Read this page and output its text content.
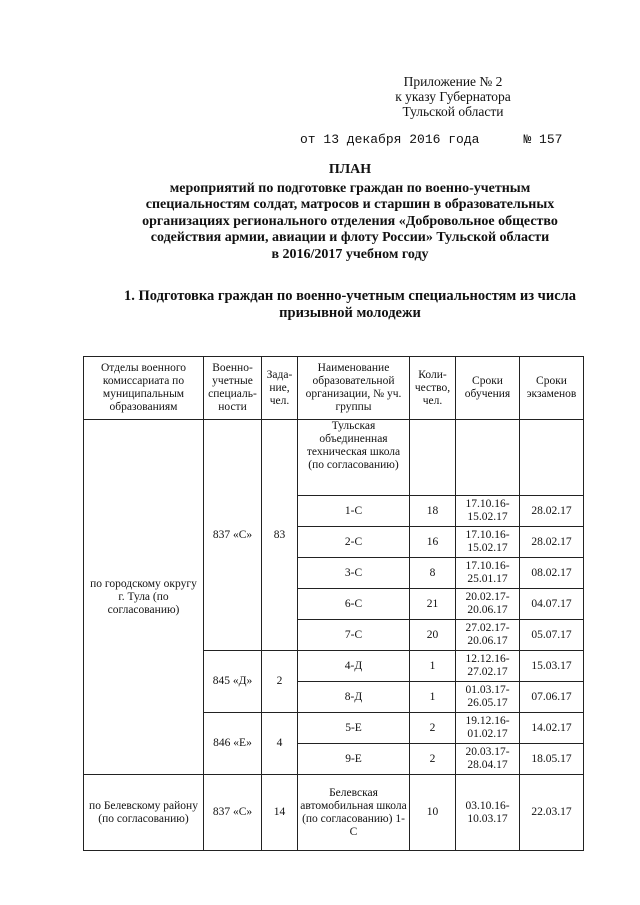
Приложение № 2
к указу Губернатора
Тульской области
от 13 декабря 2016 года	№ 157
ПЛАН
мероприятий по подготовке граждан по военно-учетным
специальностям солдат, матросов и старшин в образовательных
организациях регионального отделения «Добровольное общество
содействия армии, авиации и флоту России» Тульской области
в 2016/2017 учебном году
1. Подготовка граждан по военно-учетным специальностям из числа
призывной молодежи
Отделы военного комиссариата по муниципальным образованиям	Военно-учетные специаль-ности	Зада-ние, чел.	Наименование образовательной организации, № уч. группы	Коли-чество, чел.	Сроки обучения	Сроки экзаменов
по городскому округу г. Тула (по согласованию)	837 «С»	83	Тульская объединенная техническая школа (по согласованию)			
			1-С	18	17.10.16-15.02.17	28.02.17
			2-С	16	17.10.16-15.02.17	28.02.17
			3-С	8	17.10.16-25.01.17	08.02.17
			6-С	21	20.02.17-20.06.17	04.07.17
			7-С	20	27.02.17-20.06.17	05.07.17
	845 «Д»	2	4-Д	1	12.12.16-27.02.17	15.03.17
			8-Д	1	01.03.17-26.05.17	07.06.17
	846 «Е»	4	5-Е	2	19.12.16-01.02.17	14.02.17
			9-Е	2	20.03.17-28.04.17	18.05.17
по Белевскому району (по согласованию)	837 «С»	14	Белевская автомобильная школа (по согласованию) 1-С	10	03.10.16-10.03.17	22.03.17
